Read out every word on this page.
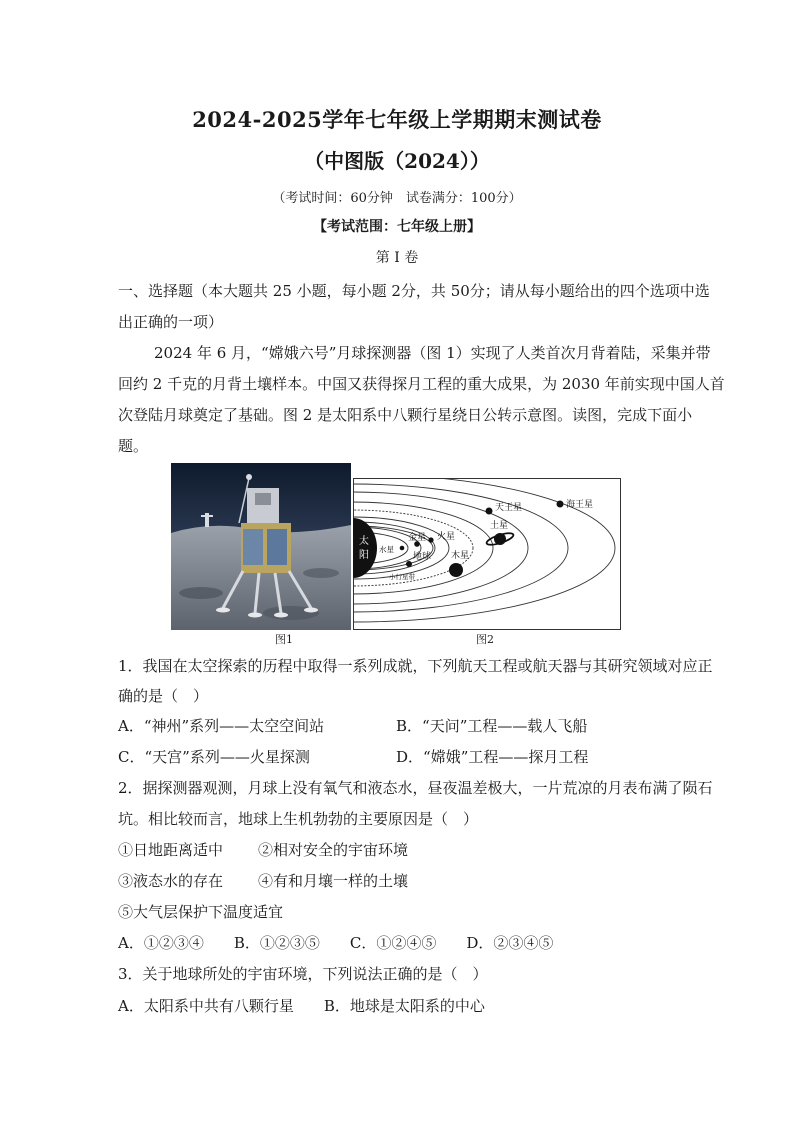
2024-2025学年七年级上学期期末测试卷
（中图版（2024））
（考试时间：60分钟　试卷满分：100分）
【考试范围：七年级上册】
第 I 卷
一、选择题（本大题共 25 小题，每小题 2分，共 50分；请从每小题给出的四个选项中选
出正确的一项）
2024 年 6 月，“嫦娥六号”月球探测器（图 1）实现了人类首次月背着陆，采集并带
回约 2 千克的月背土壤样本。中国又获得探月工程的重大成果，为 2030 年前实现中国人首
次登陆月球奠定了基础。图 2 是太阳系中八颗行星绕日公转示意图。读图，完成下面小
题。
图1
太
阳
水星
金星
地球
火星
木星
土星
天王星	海王星
小行星带
图2
1．我国在太空探索的历程中取得一系列成就，下列航天工程或航天器与其研究领域对应正
确的是（　）
A．“神州”系列——太空空间站	B．“天问”工程——载人飞船
C．“天宫”系列——火星探测	D．“嫦娥”工程——探月工程
2．据探测器观测，月球上没有氧气和液态水，昼夜温差极大，一片荒凉的月表布满了陨石
坑。相比较而言，地球上生机勃勃的主要原因是（　）
①日地距离适中 ②相对安全的宇宙环境
③液态水的存在 ④有和月壤一样的土壤
⑤大气层保护下温度适宜
A．①②③④　　B．①②③⑤　　C．①②④⑤　　D．②③④⑤
3．关于地球所处的宇宙环境，下列说法正确的是（　）
A．太阳系中共有八颗行星　　B．地球是太阳系的中心
